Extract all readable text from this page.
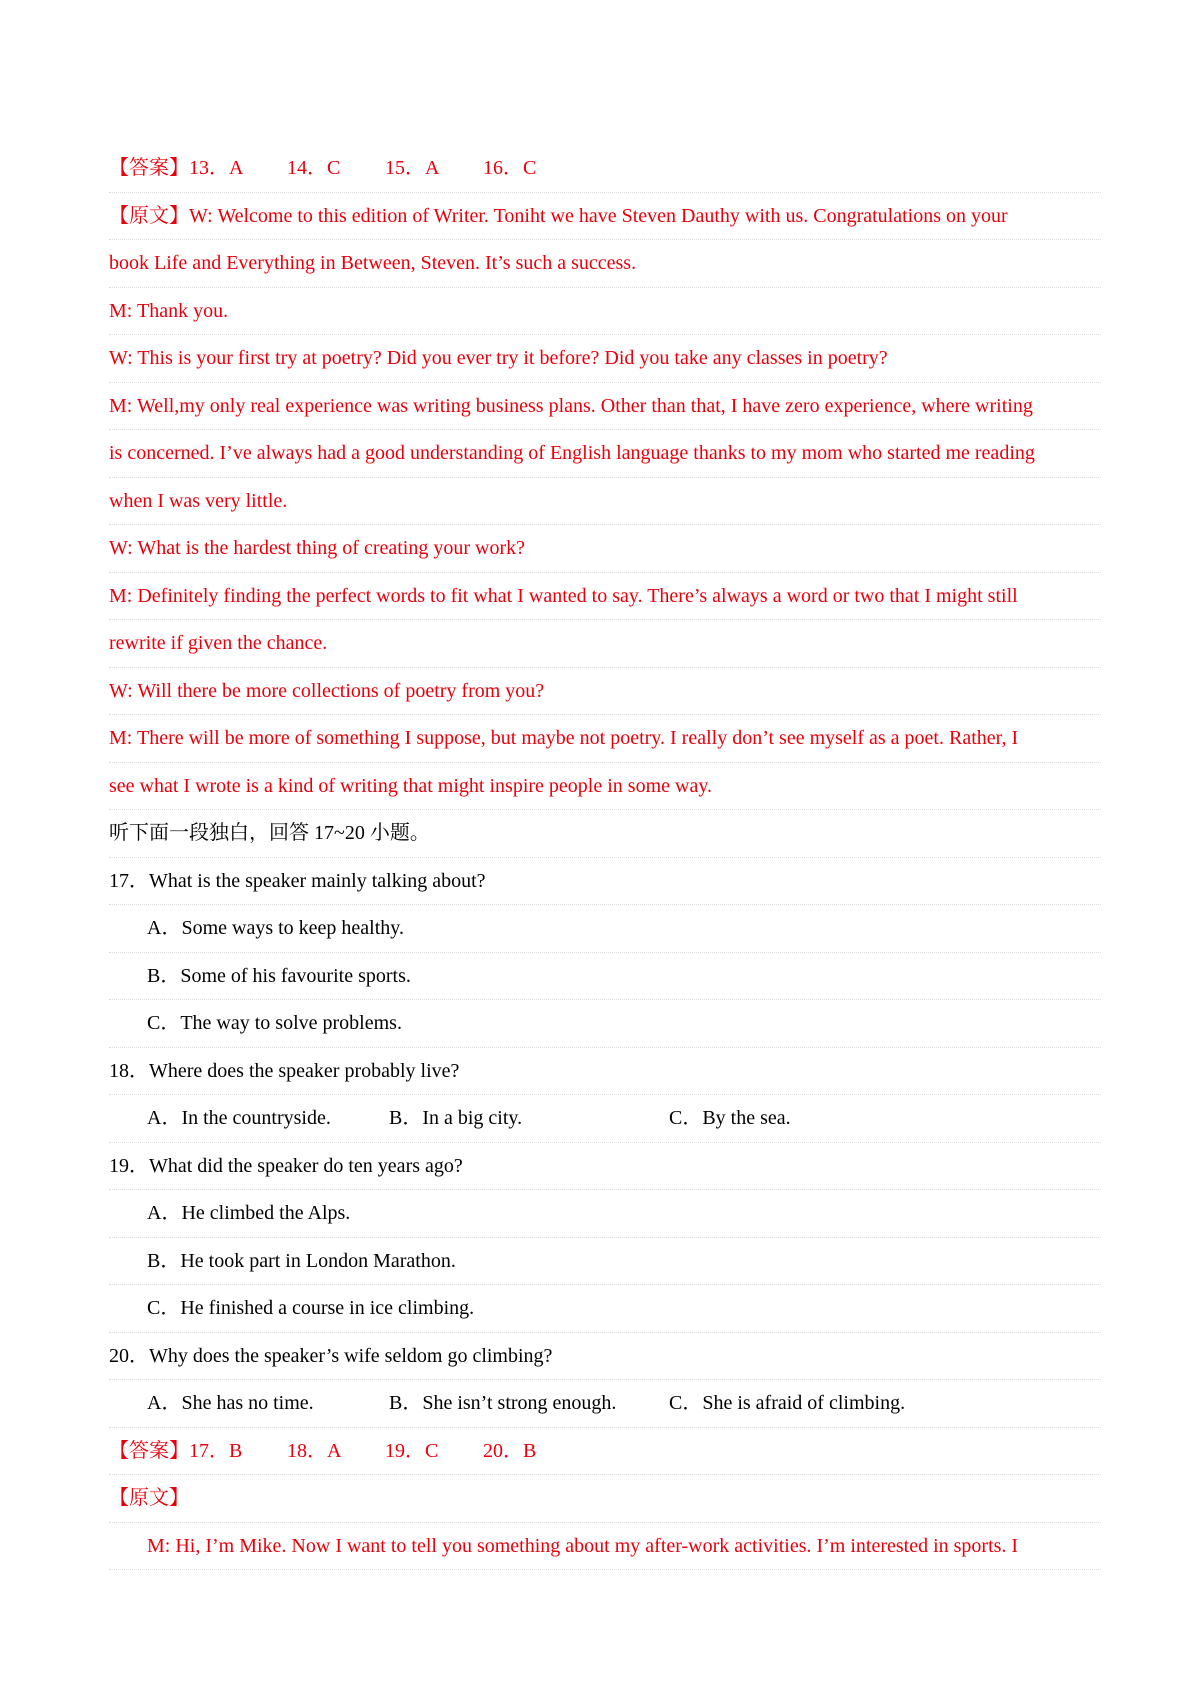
【答案】13．A 14．C 15．A 16．C
【原文】W: Welcome to this edition of Writer. Toniht we have Steven Dauthy with us. Congratulations on your
book Life and Everything in Between, Steven. It’s such a success.
M: Thank you.
W: This is your first try at poetry? Did you ever try it before? Did you take any classes in poetry?
M: Well,my only real experience was writing business plans. Other than that, I have zero experience, where writing
is concerned. I’ve always had a good understanding of English language thanks to my mom who started me reading
when I was very little.
W: What is the hardest thing of creating your work?
M: Definitely finding the perfect words to fit what I wanted to say. There’s always a word or two that I might still
rewrite if given the chance.
W: Will there be more collections of poetry from you?
M: There will be more of something I suppose, but maybe not poetry. I really don’t see myself as a poet. Rather, I
see what I wrote is a kind of writing that might inspire people in some way.
听下面一段独白，回答 17~20 小题。
17．What is the speaker mainly talking about?
A．Some ways to keep healthy.
B．Some of his favourite sports.
C．The way to solve problems.
18．Where does the speaker probably live?
A．In the countryside.	B．In a big city.	C．By the sea.
19．What did the speaker do ten years ago?
A．He climbed the Alps.
B．He took part in London Marathon.
C．He finished a course in ice climbing.
20．Why does the speaker’s wife seldom go climbing?
A．She has no time.	B．She isn’t strong enough.	C．She is afraid of climbing.
【答案】17．B 18．A 19．C 20．B
【原文】
M: Hi, I’m Mike. Now I want to tell you something about my after-work activities. I’m interested in sports. I
